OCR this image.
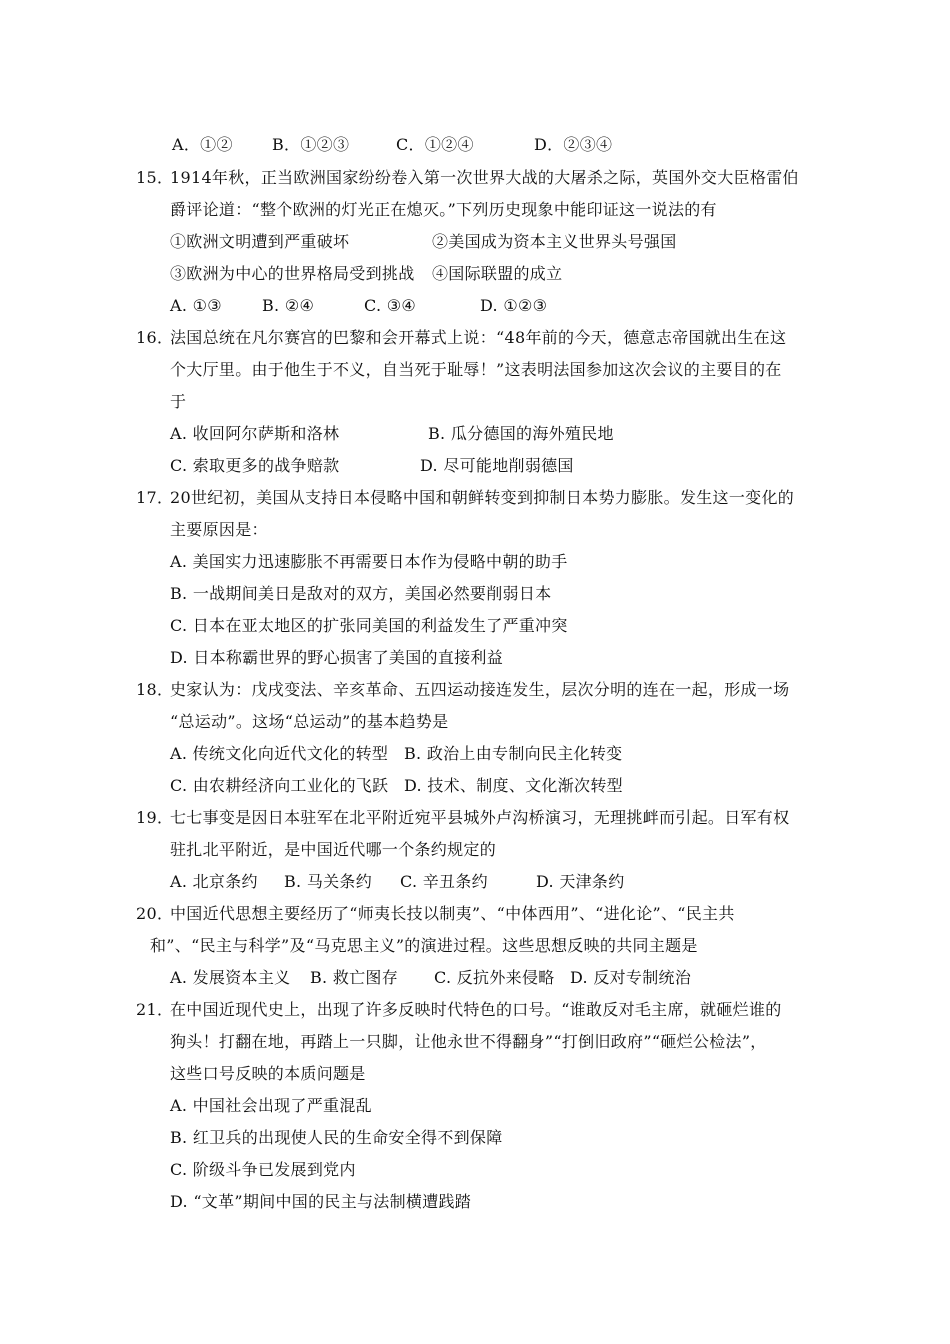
A．①② B．①②③	C．①②④	D．②③④
15．
1914年秋，正当欧洲国家纷纷卷入第一次世界大战的大屠杀之际，英国外交大臣格雷伯
爵评论道：“整个欧洲的灯光正在熄灭。”下列历史现象中能印证这一说法的有
①欧洲文明遭到严重破坏	②美国成为资本主义世界头号强国
③欧洲为中心的世界格局受到挑战 ④国际联盟的成立
A. ①③	B. ②④	C. ③④	D. ①②③
16．
法国总统在凡尔赛宫的巴黎和会开幕式上说：“48年前的今天，德意志帝国就出生在这
个大厅里。由于他生于不义，自当死于耻辱！”这表明法国参加这次会议的主要目的在
于
A. 收回阿尔萨斯和洛林	B. 瓜分德国的海外殖民地
C. 索取更多的战争赔款	D. 尽可能地削弱德国
17．
20世纪初，美国从支持日本侵略中国和朝鲜转变到抑制日本势力膨胀。发生这一变化的
主要原因是：
A. 美国实力迅速膨胀不再需要日本作为侵略中朝的助手
B. 一战期间美日是敌对的双方，美国必然要削弱日本
C. 日本在亚太地区的扩张同美国的利益发生了严重冲突
D. 日本称霸世界的野心损害了美国的直接利益
18．
史家认为：戊戌变法、辛亥革命、五四运动接连发生，层次分明的连在一起，形成一场
“总运动”。这场“总运动”的基本趋势是
A. 传统文化向近代文化的转型 B. 政治上由专制向民主化转变
C. 由农耕经济向工业化的飞跃 D. 技术、制度、文化渐次转型
19．
七七事变是因日本驻军在北平附近宛平县城外卢沟桥演习，无理挑衅而引起。日军有权
驻扎北平附近，是中国近代哪一个条约规定的
A. 北京条约 B. 马关条约 C. 辛丑条约	D. 天津条约
20．
中国近代思想主要经历了“师夷长技以制夷”、“中体西用”、“进化论”、“民主共
和”、“民主与科学”及“马克思主义”的演进过程。这些思想反映的共同主题是
A. 发展资本主义 B. 救亡图存 C. 反抗外来侵略 D. 反对专制统治
21．
在中国近现代史上，出现了许多反映时代特色的口号。“谁敢反对毛主席，就砸烂谁的
狗头！打翻在地，再踏上一只脚，让他永世不得翻身”“打倒旧政府”“砸烂公检法”，
这些口号反映的本质问题是
A. 中国社会出现了严重混乱
B. 红卫兵的出现使人民的生命安全得不到保障
C. 阶级斗争已发展到党内
D. “文革”期间中国的民主与法制横遭践踏
